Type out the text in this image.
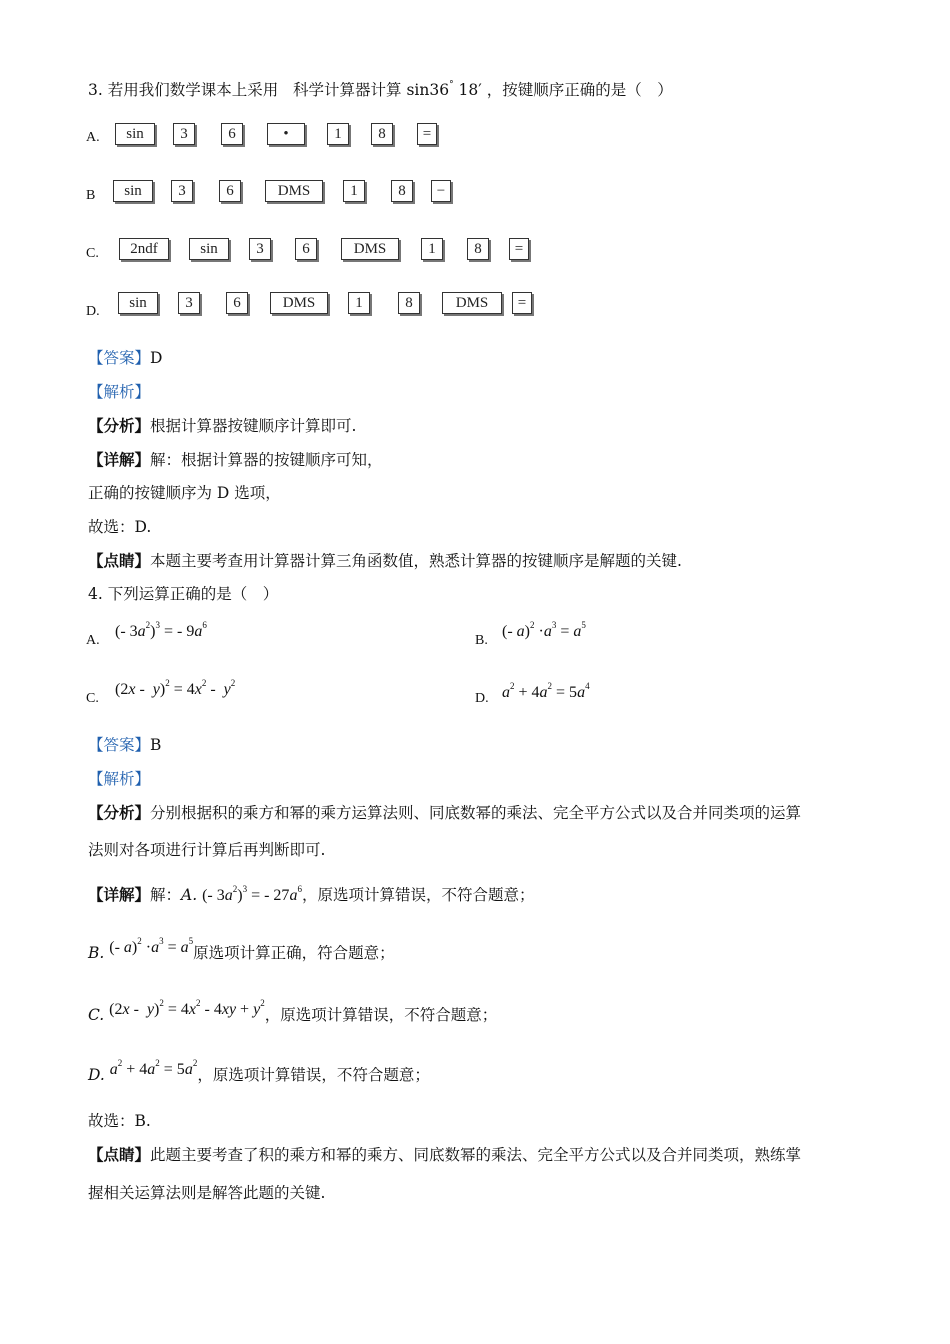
3. 若用我们数学课本上采用 科学计算器计算 sin36° 18′ ，按键顺序正确的是（　）
A.	sin	3	6	•	1	8	=
B	sin	3	6	DMS	1	8	−
C.	2ndf	sin	3	6	DMS	1	8	=
D.
sin	3	6	DMS	1	8	DMS	=
【答案】D
【解析】
【分析】根据计算器按键顺序计算即可.
【详解】解：根据计算器的按键顺序可知，
正确的按键顺序为 D 选项，
故选：D.
【点睛】本题主要考查用计算器计算三角函数值，熟悉计算器的按键顺序是解题的关键.
4. 下列运算正确的是（　）
A.
(- $3a^2)^3$ = - $9a^6$
B.
(- $a)^2 \cdot a^3 = a^5$
C.
$(2x - y)^2 = 4x^2 - y^2$
D. $a^2 + 4a^2 = 5a^4$
【答案】B
【解析】
【分析】分别根据积的乘方和幂的乘方运算法则、同底数幂的乘法、完全平方公式以及合并同类项的运算
法则对各项进行计算后再判断即可.
【详解】解：A. (- $3a^2)^3$ = - $27a^6$，原选项计算错误，不符合题意；
B. (- $a)^2 \cdot a^3 = a^5$原选项计算正确，符合题意；
C. $(2x - y)^2 = 4x^2 - 4xy + y^2$，原选项计算错误，不符合题意；
D. $a^2 + 4a^2 = 5a^2$，原选项计算错误，不符合题意；
故选：B.
【点睛】此题主要考查了积的乘方和幂的乘方、同底数幂的乘法、完全平方公式以及合并同类项，熟练掌
握相关运算法则是解答此题的关键.
